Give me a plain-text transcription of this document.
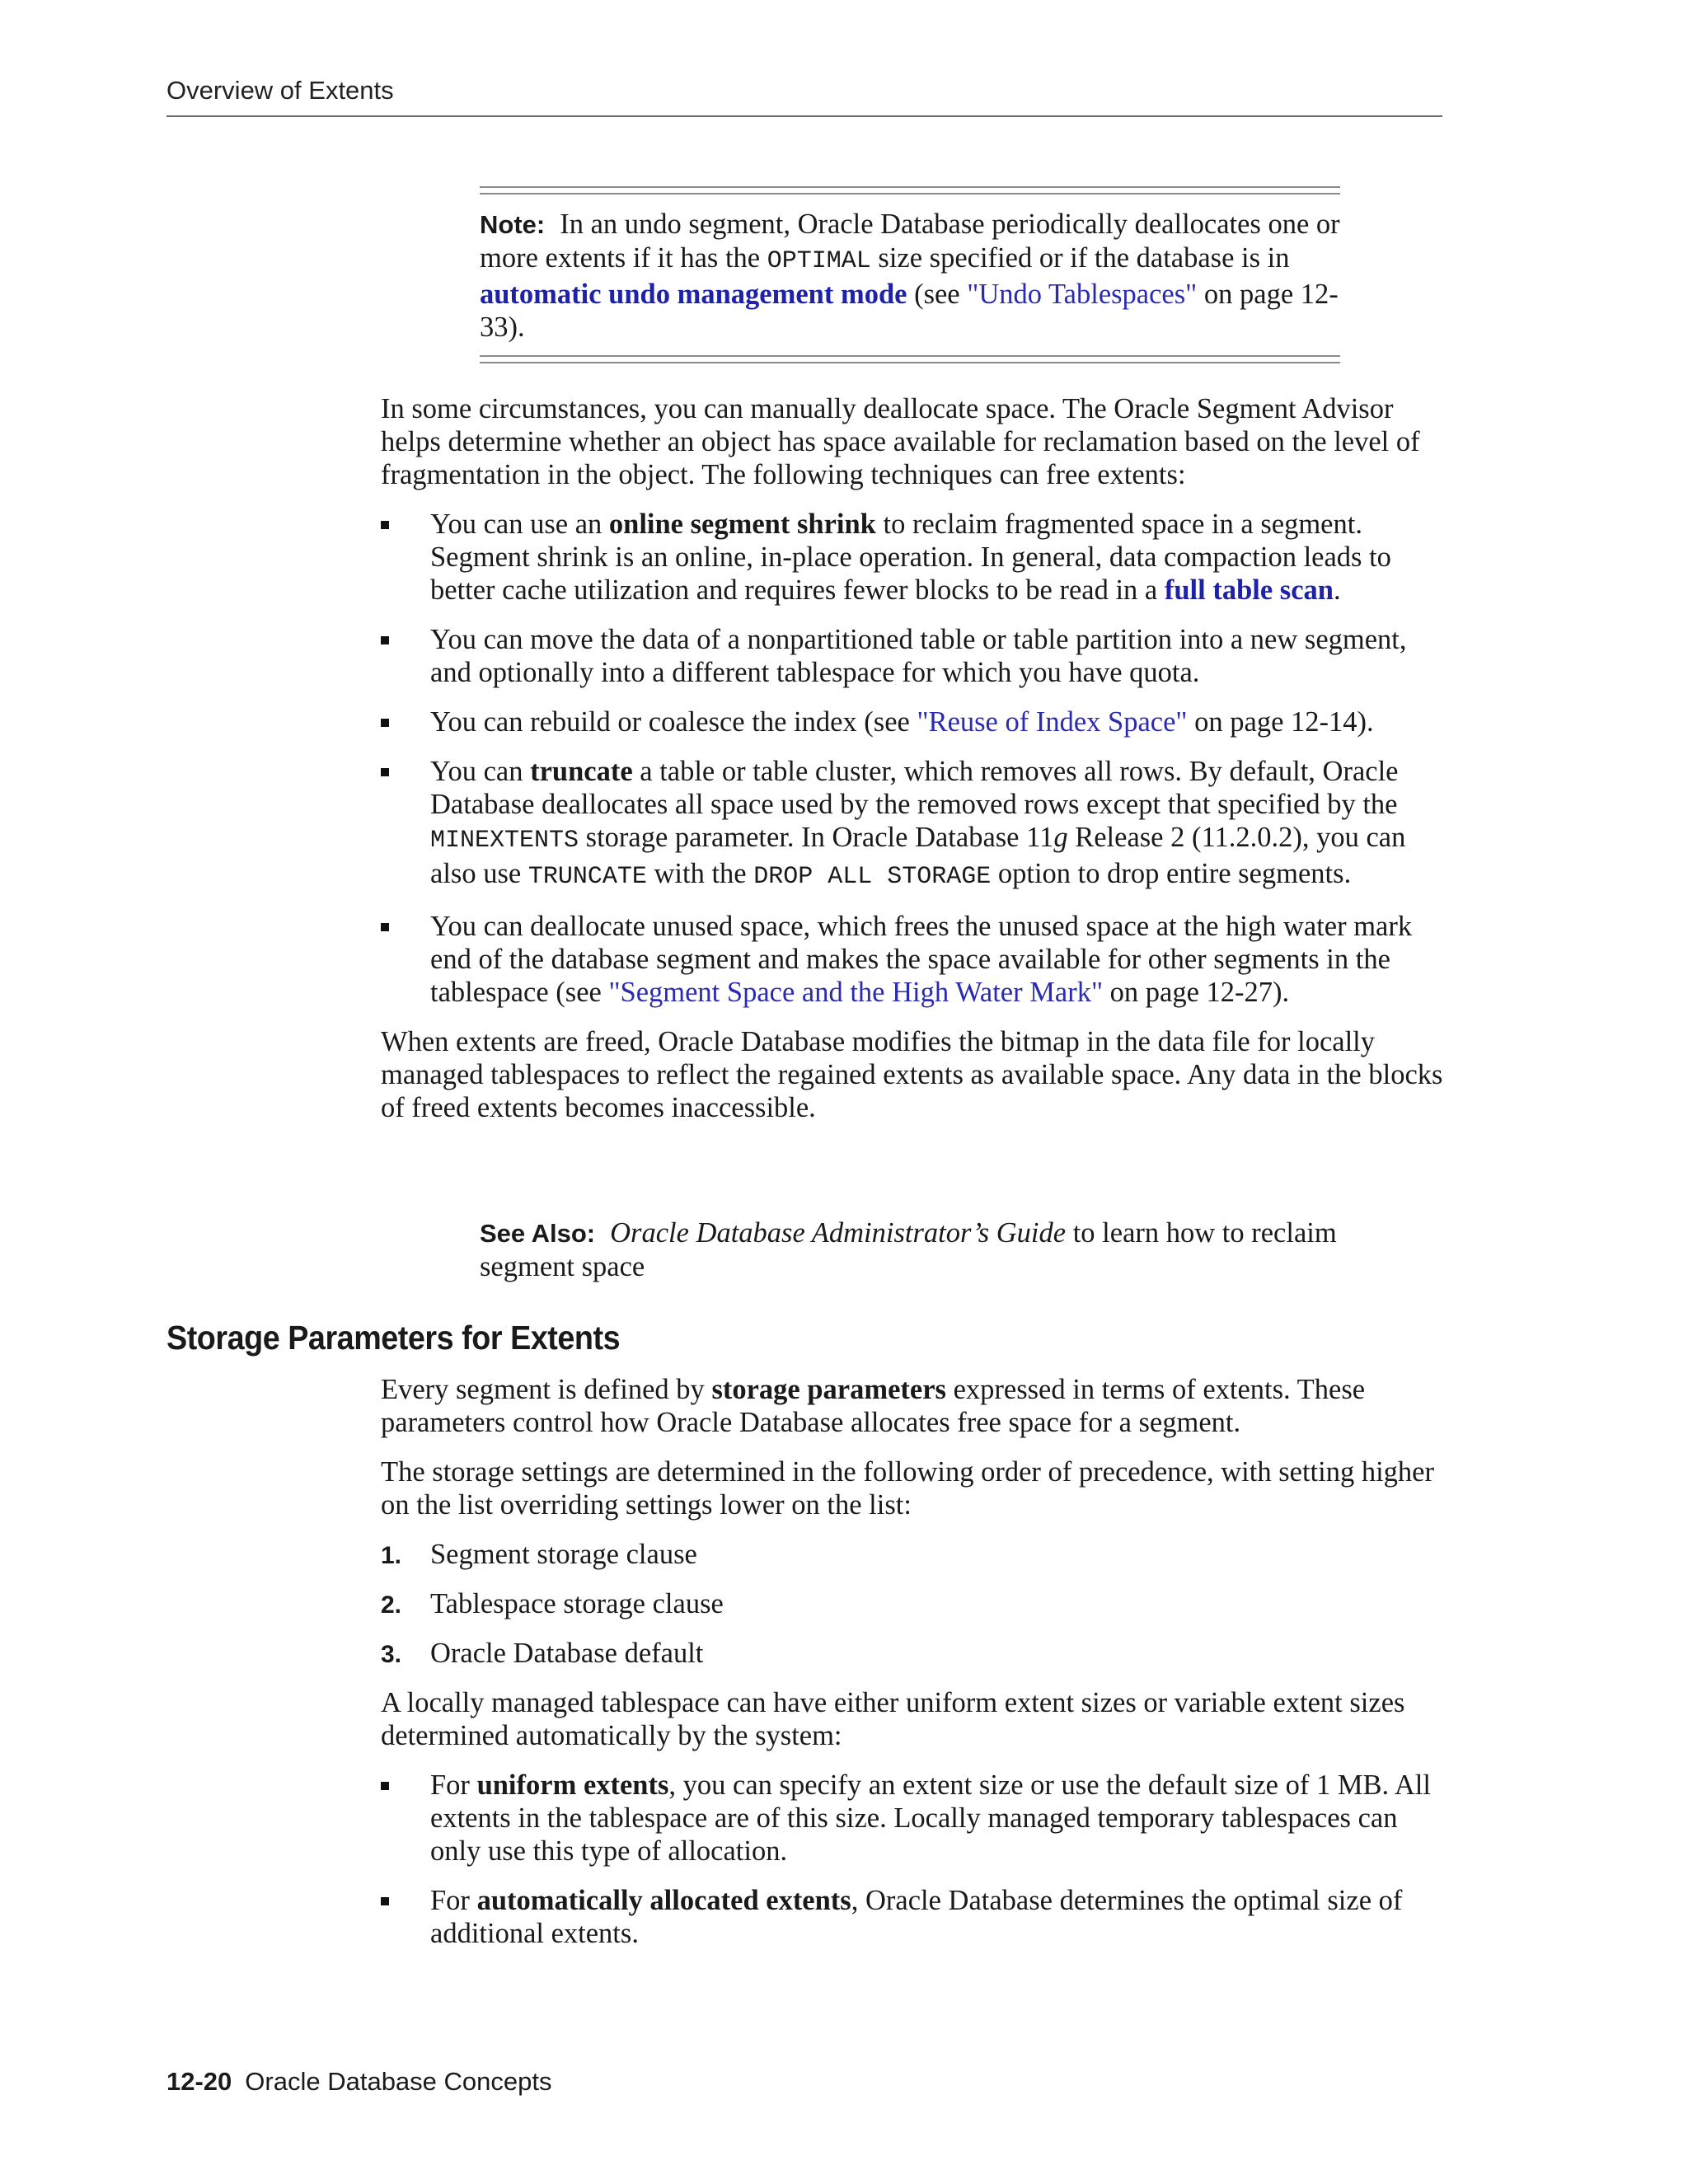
Overview of Extents
Note: In an undo segment, Oracle Database periodically deallocates one or more extents if it has the OPTIMAL size specified or if the database is in automatic undo management mode (see "Undo Tablespaces" on page 12-33).

In some circumstances, you can manually deallocate space. The Oracle Segment Advisor helps determine whether an object has space available for reclamation based on the level of fragmentation in the object. The following techniques can free extents:

You can use an online segment shrink to reclaim fragmented space in a segment. Segment shrink is an online, in-place operation. In general, data compaction leads to better cache utilization and requires fewer blocks to be read in a full table scan.
You can move the data of a nonpartitioned table or table partition into a new segment, and optionally into a different tablespace for which you have quota.
You can rebuild or coalesce the index (see "Reuse of Index Space" on page 12-14).
You can truncate a table or table cluster, which removes all rows. By default, Oracle Database deallocates all space used by the removed rows except that specified by the MINEXTENTS storage parameter. In Oracle Database 11g Release 2 (11.2.0.2), you can also use TRUNCATE with the DROP ALL STORAGE option to drop entire segments.
You can deallocate unused space, which frees the unused space at the high water mark end of the database segment and makes the space available for other segments in the tablespace (see "Segment Space and the High Water Mark" on page 12-27).

When extents are freed, Oracle Database modifies the bitmap in the data file for locally managed tablespaces to reflect the regained extents as available space. Any data in the blocks of freed extents becomes inaccessible.

See Also: Oracle Database Administrator’s Guide to learn how to reclaim segment space
Storage Parameters for Extents

Every segment is defined by storage parameters expressed in terms of extents. These parameters control how Oracle Database allocates free space for a segment.

The storage settings are determined in the following order of precedence, with setting higher on the list overriding settings lower on the list:

1. Segment storage clause
2. Tablespace storage clause
3. Oracle Database default

A locally managed tablespace can have either uniform extent sizes or variable extent sizes determined automatically by the system:

For uniform extents, you can specify an extent size or use the default size of 1 MB. All extents in the tablespace are of this size. Locally managed temporary tablespaces can only use this type of allocation.
For automatically allocated extents, Oracle Database determines the optimal size of additional extents.
12-20 Oracle Database Concepts
